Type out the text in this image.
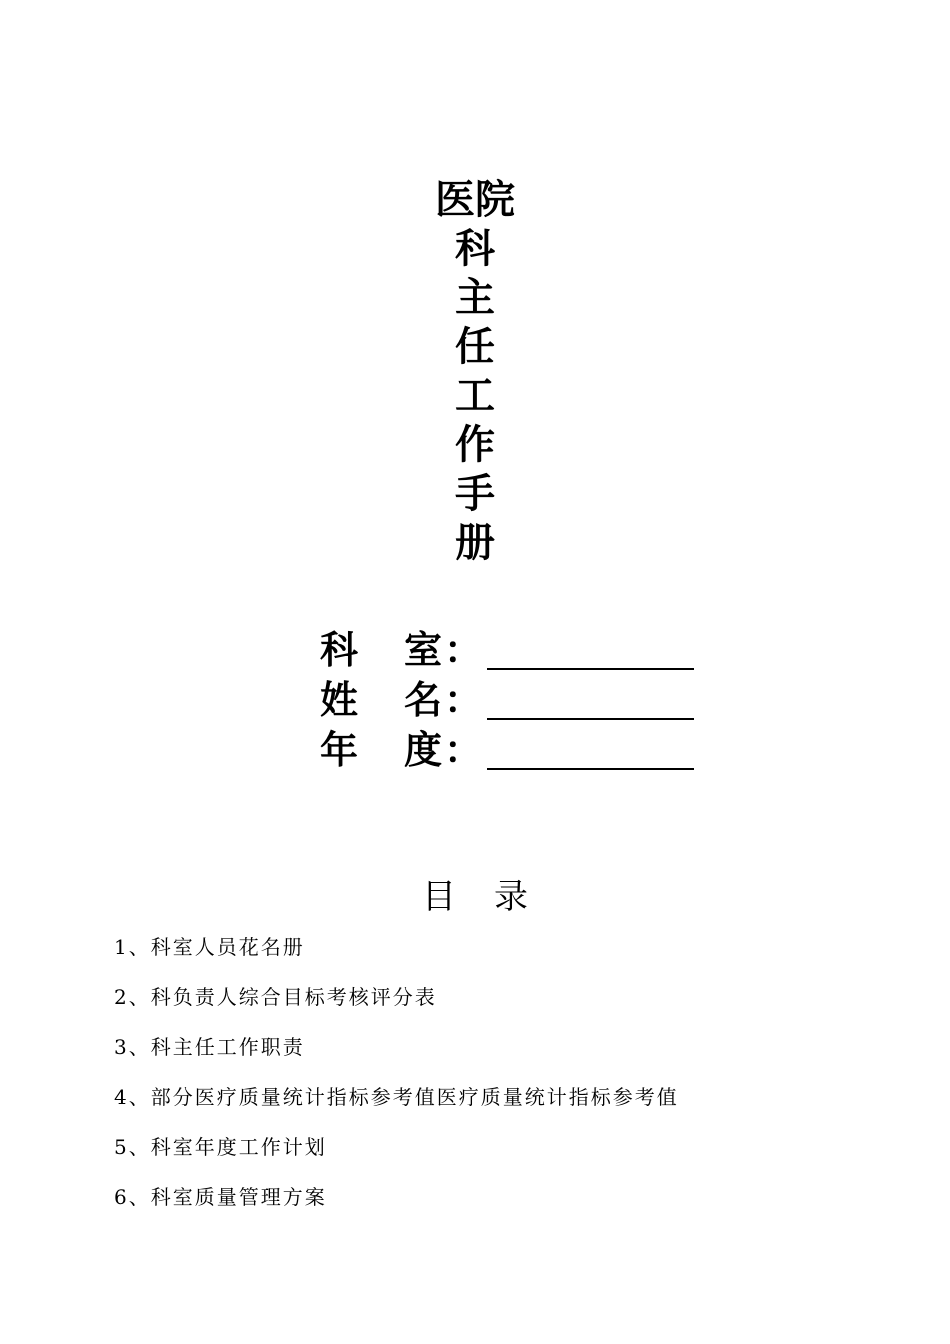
医院
科
主
任
工
作
手
册
科 室 ：
姓 名 ：
年 度 ：
目 录
1、科室人员花名册
2、科负责人综合目标考核评分表
3、科主任工作职责
4、部分医疗质量统计指标参考值医疗质量统计指标参考值
5、科室年度工作计划
6、科室质量管理方案
